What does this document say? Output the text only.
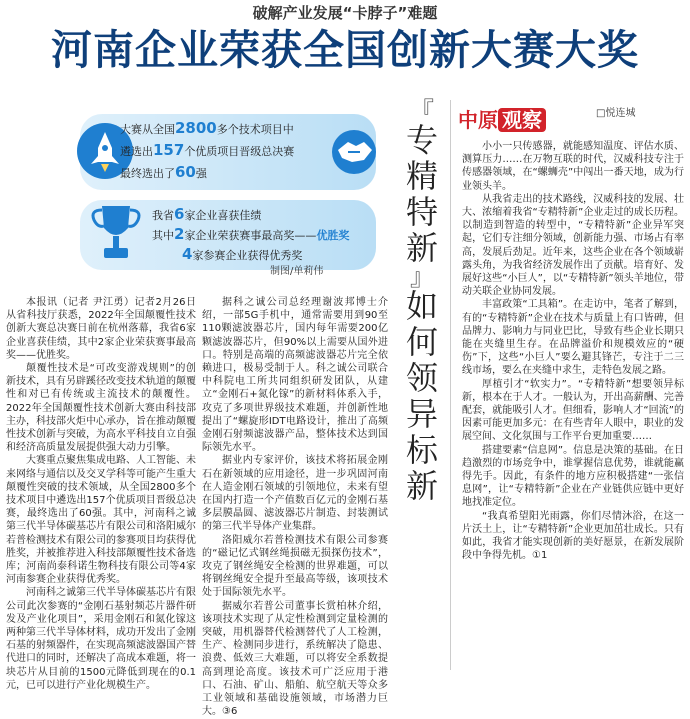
破解产业发展“卡脖子”难题
河南企业荣获全国创新大赛大奖
大赛从全国2800多个技术项目中
遴选出157个优质项目晋级总决赛
最终选出了60强
我省6家企业喜获佳绩
其中2家企业荣获赛事最高奖——优胜奖
4家参赛企业获得优秀奖
制图/单莉伟
『
专
精
特
新
』
如
何
领
异
标
新
中原 观察	□悦连城

小小一只传感器，就能感知温度、评估水质、测算压力……在万物互联的时代，汉威科技专注于传感器领域，在“螺蛳壳”中闯出一番天地，成为行业领头羊。

从我省走出的技术路线，汉威科技的发展、壮大、浓缩着我省“专精特新”企业走过的成长历程。以制造到智造的转型中，“专精特新”企业异军突起，它们专注细分领域，创新能力强、市场占有率高，发展后劲足。近年来，这些企业在各个领域崭露头角，为我省经济发展作出了贡献。培育好、发展好这些“小巨人”，以“专精特新”领头羊地位，带动关联企业协同发展。

丰富政策“工具箱”。在走访中，笔者了解到，有的“专精特新”企业在技术与质量上有口皆碑，但品牌力、影响力与同业巴比，导致有些企业长期只能在夹缝里生存。在品牌溢价和规模效应的“硬伤”下，这些“小巨人”要么避其锋芒，专注于二三线市场，要么在夹缝中求生，走特色发展之路。

厚植引才“软实力”。“专精特新”想要领异标新，根本在于人才。一般认为，开出高薪酬、完善配套，就能吸引人才。但细看，影响人才“回流”的因素可能更加多元：在有些青年人眼中，职业的发展空间、文化氛围与工作平台更加重要……

搭建要素“信息网”。信息是决策的基础。在日趋激烈的市场竞争中，谁掌握信息优势，谁就能赢得先手。因此，有条件的地方应积极搭建“一张信息网”，让“专精特新”企业在产业链供应链中更好地找准定位。

“我真希望阳光雨露，你们尽情沐浴，在这一片沃土上，让“专精特新”企业更加茁壮成长。只有如此，我省才能实现创新的美好愿景，在新发展阶段中争得先机。①1

本报讯（记者 尹江勇）记者2月26日从省科技厅获悉，2022年全国颠覆性技术创新大赛总决赛日前在杭州落幕，我省6家企业喜获佳绩，其中2家企业荣获赛事最高奖——优胜奖。

颠覆性技术是“可改变游戏规则”的创新技术，具有另辟蹊径改变技术轨道的颠覆性和对已有传统或主流技术的颠覆性。2022年全国颠覆性技术创新大赛由科技部主办，科技部火炬中心承办，旨在推动颠覆性技术创新与突破，为高水平科技自立自强和经济高质量发展提供强大动力引擎。

大赛重点聚焦集成电路、人工智能、未来网络与通信以及交叉学科等可能产生重大颠覆性突破的技术领域，从全国2800多个技术项目中遴选出157个优质项目晋级总决赛，最终选出了60强。其中，河南科之诚第三代半导体碳基芯片有限公司和洛阳威尔若普检测技术有限公司的参赛项目均获得优胜奖，并被推荐进入科技部颠覆性技术备选库；河南尚泰科诺生物科技有限公司等4家河南参赛企业获得优秀奖。

河南科之诚第三代半导体碳基芯片有限公司此次参赛的“金刚石基射频芯片器件研发及产业化项目”，采用金刚石和氮化镓这两种第三代半导体材料，成功开发出了金刚石基的射频器件，在实现高频滤波器国产替代进口的同时，还解决了高成本难题，将一块芯片从目前的1500元降低到现在的0.1元，已可以进行产业化规模生产。

据科之诚公司总经理谢波邦博士介绍，一部5G手机中，通常需要用到90至110颗滤波器芯片，国内每年需要200亿颗滤波器芯片，但90%以上需要从国外进口。特别是高端的高频滤波器芯片完全依赖进口，极易受制于人。科之诚公司联合中科院电工所共同组织研发团队，从建立“金刚石+氮化镓”的新材料体系入手，攻克了多项世界级技术难题，并创新性地提出了“螺旋形IDT电路设计，推出了高频金刚石射频滤波器产品，整体技术达到国际领先水平。

据业内专家评价，该技术将拓展金刚石在新领域的应用途径，进一步巩固河南在人造金刚石领域的引领地位，未来有望在国内打造一个产值数百亿元的金刚石基多层膜晶圆、滤波器芯片制造、封装测试的第三代半导体产业集群。

洛阳威尔若普检测技术有限公司参赛的“磁记忆式钢丝绳损磁无损探伤技术”，攻克了钢丝绳安全检测的世界难题，可以将钢丝绳安全提升至最高等级，该项技术处于国际领先水平。

据威尔若普公司董事长赏柏林介绍，该项技术实现了从定性检测到定量检测的突破，用机器替代检测替代了人工检测，生产、检测同步进行，系统解决了隐患、浪费、低效三大难题，可以将安全系数提高到理论高度。该技术可广泛应用于港口、石油、矿山、船舶、航空航天等众多工业领域和基础设施领域，市场潜力巨大。③6
